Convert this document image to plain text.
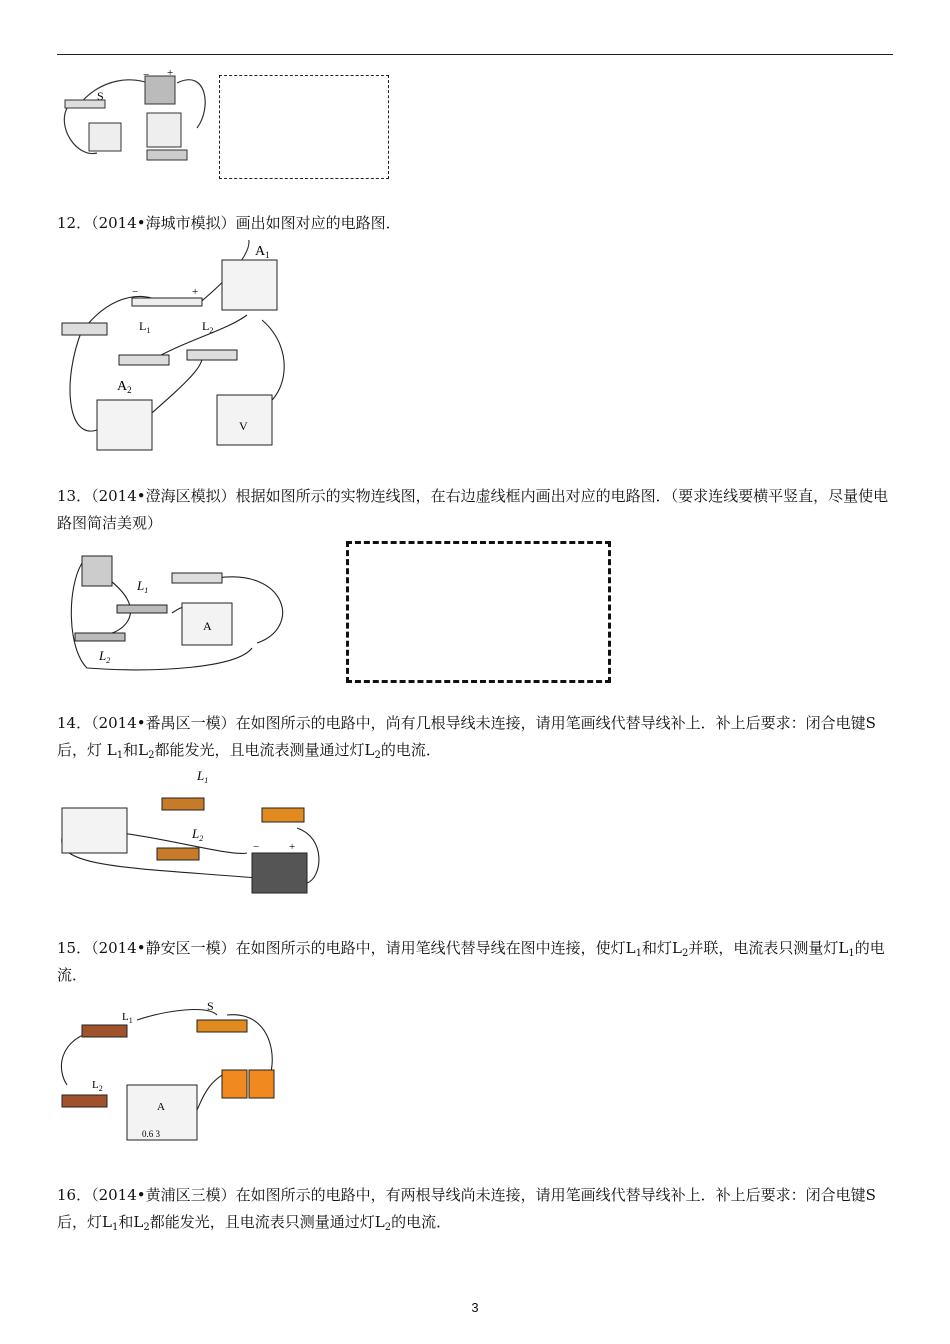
S
− +
12．（2014•海城市模拟）画出如图对应的电路图．
−	+
$A_1$
$L_1$	$L_2$
$A_2$
V
13．（2014•澄海区模拟）根据如图所示的实物连线图，在右边虚线框内画出对应的电路图．（要求连线要横平竖直，尽量使电路图简洁美观）
$L_1$
$L_2$
A
14．（2014•番禺区一模）在如图所示的电路中，尚有几根导线未连接，请用笔画线代替导线补上．补上后要求：闭合电键S后，灯 $L_1$和$L_2$都能发光，且电流表测量通过灯$L_2$的电流．
$L_1$
$L_2$
−	+
15．（2014•静安区一模）在如图所示的电路中，请用笔线代替导线在图中连接，使灯$L_1$和灯$L_2$并联，电流表只测量灯$L_1$的电流．
$L_1$
$L_2$
S
A
0.6 3
16．（2014•黄浦区三模）在如图所示的电路中，有两根导线尚未连接，请用笔画线代替导线补上．补上后要求：闭合电键S后，灯$L_1$和$L_2$都能发光，且电流表只测量通过灯$L_2$的电流．
3
